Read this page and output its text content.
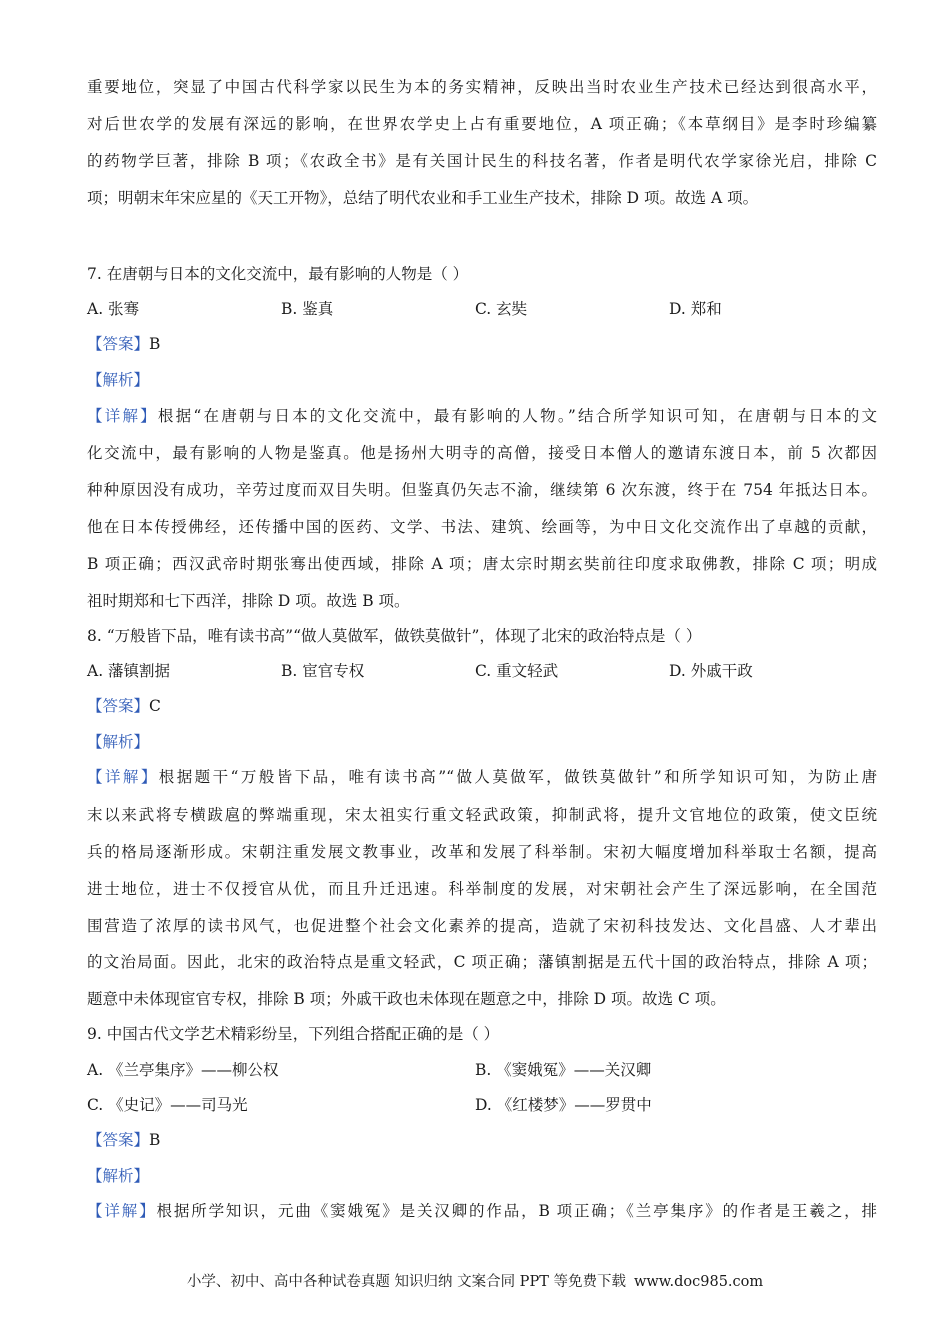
重要地位，突显了中国古代科学家以民生为本的务实精神，反映出当时农业生产技术已经达到很高水平，
对后世农学的发展有深远的影响，在世界农学史上占有重要地位，A 项正确；《本草纲目》是李时珍编纂
的药物学巨著，排除 B 项；《农政全书》是有关国计民生的科技名著，作者是明代农学家徐光启，排除 C
项；明朝末年宋应星的《天工开物》，总结了明代农业和手工业生产技术，排除 D 项。故选 A 项。
7. 在唐朝与日本的文化交流中，最有影响的人物是（ ）
A. 张骞	B. 鉴真	C. 玄奘	D. 郑和
【答案】B
【解析】
【详解】根据“在唐朝与日本的文化交流中，最有影响的人物。”结合所学知识可知，在唐朝与日本的文
化交流中，最有影响的人物是鉴真。他是扬州大明寺的高僧，接受日本僧人的邀请东渡日本，前 5 次都因
种种原因没有成功，辛劳过度而双目失明。但鉴真仍矢志不渝，继续第 6 次东渡，终于在 754 年抵达日本。
他在日本传授佛经，还传播中国的医药、文学、书法、建筑、绘画等，为中日文化交流作出了卓越的贡献，
B 项正确；西汉武帝时期张骞出使西域，排除 A 项；唐太宗时期玄奘前往印度求取佛教，排除 C 项；明成
祖时期郑和七下西洋，排除 D 项。故选 B 项。
8. “万般皆下品，唯有读书高”“做人莫做军，做铁莫做针”，体现了北宋的政治特点是（ ）
A. 藩镇割据	B. 宦官专权	C. 重文轻武	D. 外戚干政
【答案】C
【解析】
【详解】根据题干“万般皆下品，唯有读书高”“做人莫做军，做铁莫做针”和所学知识可知，为防止唐
末以来武将专横跋扈的弊端重现，宋太祖实行重文轻武政策，抑制武将，提升文官地位的政策，使文臣统
兵的格局逐渐形成。宋朝注重发展文教事业，改革和发展了科举制。宋初大幅度增加科举取士名额，提高
进士地位，进士不仅授官从优，而且升迁迅速。科举制度的发展，对宋朝社会产生了深远影响，在全国范
围营造了浓厚的读书风气，也促进整个社会文化素养的提高，造就了宋初科技发达、文化昌盛、人才辈出
的文治局面。因此，北宋的政治特点是重文轻武，C 项正确；藩镇割据是五代十国的政治特点，排除 A 项；
题意中未体现宦官专权，排除 B 项；外戚干政也未体现在题意之中，排除 D 项。故选 C 项。
9. 中国古代文学艺术精彩纷呈，下列组合搭配正确的是（ ）
A. 《兰亭集序》——柳公权	B. 《窦娥冤》——关汉卿
C. 《史记》——司马光	D. 《红楼梦》——罗贯中
【答案】B
【解析】
【详解】根据所学知识，元曲《窦娥冤》是关汉卿的作品，B 项正确；《兰亭集序》的作者是王羲之，排
小学、初中、高中各种试卷真题 知识归纳 文案合同 PPT 等免费下载 www.doc985.com
